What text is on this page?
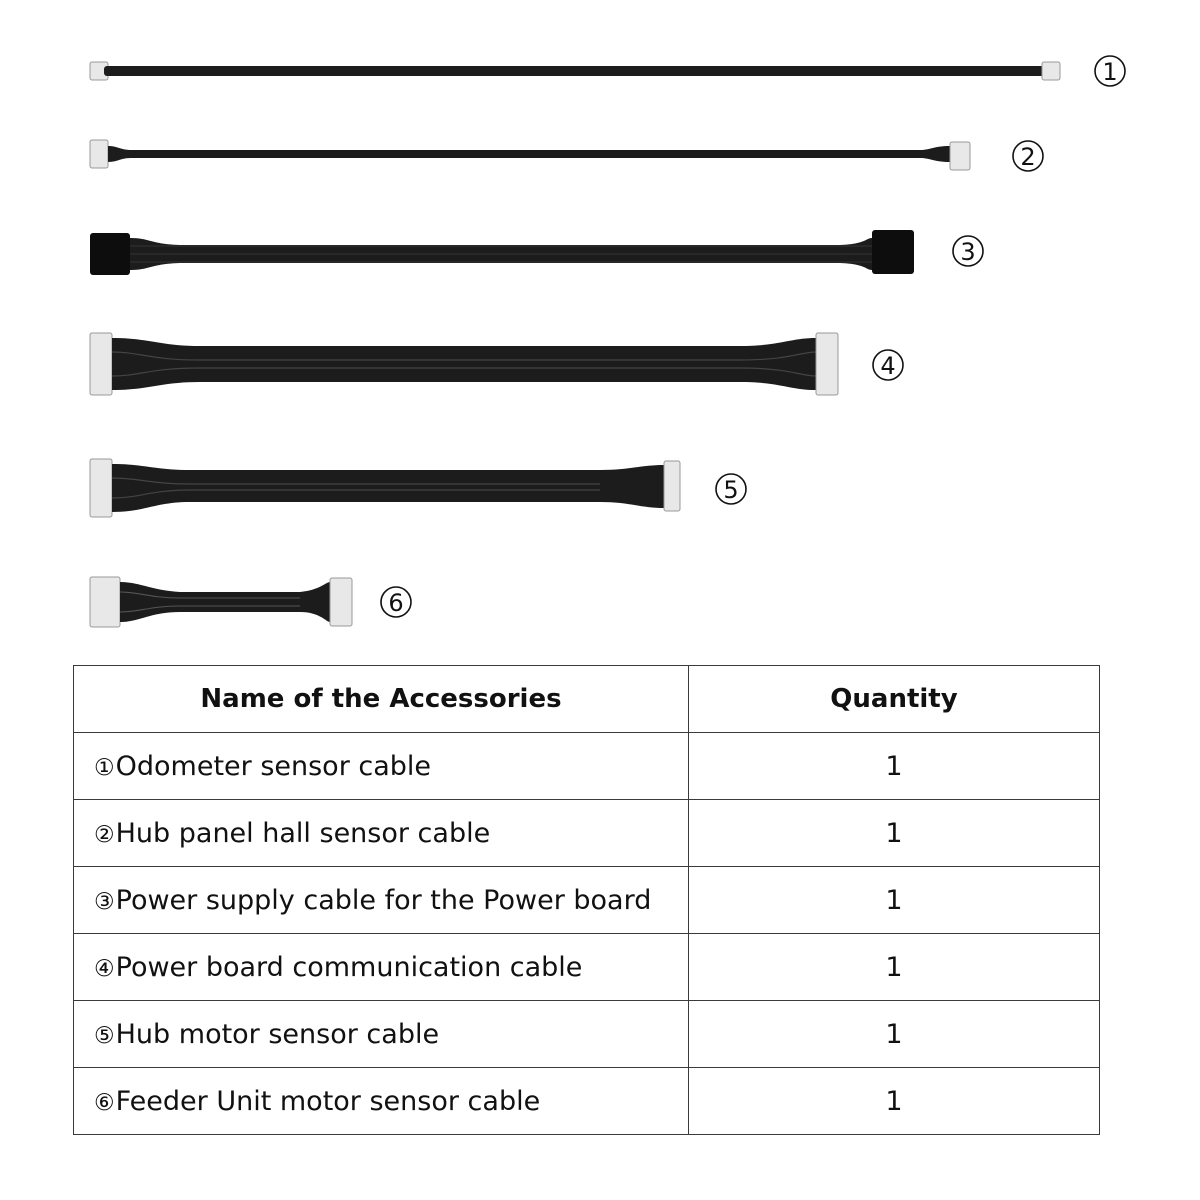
1
2
3
4
5
6
Name of the Accessories	Quantity
①Odometer sensor cable	1
②Hub panel hall sensor cable	1
③Power supply cable for the Power board	1
④Power board communication cable	1
⑤Hub motor sensor cable	1
⑥Feeder Unit motor sensor cable	1
